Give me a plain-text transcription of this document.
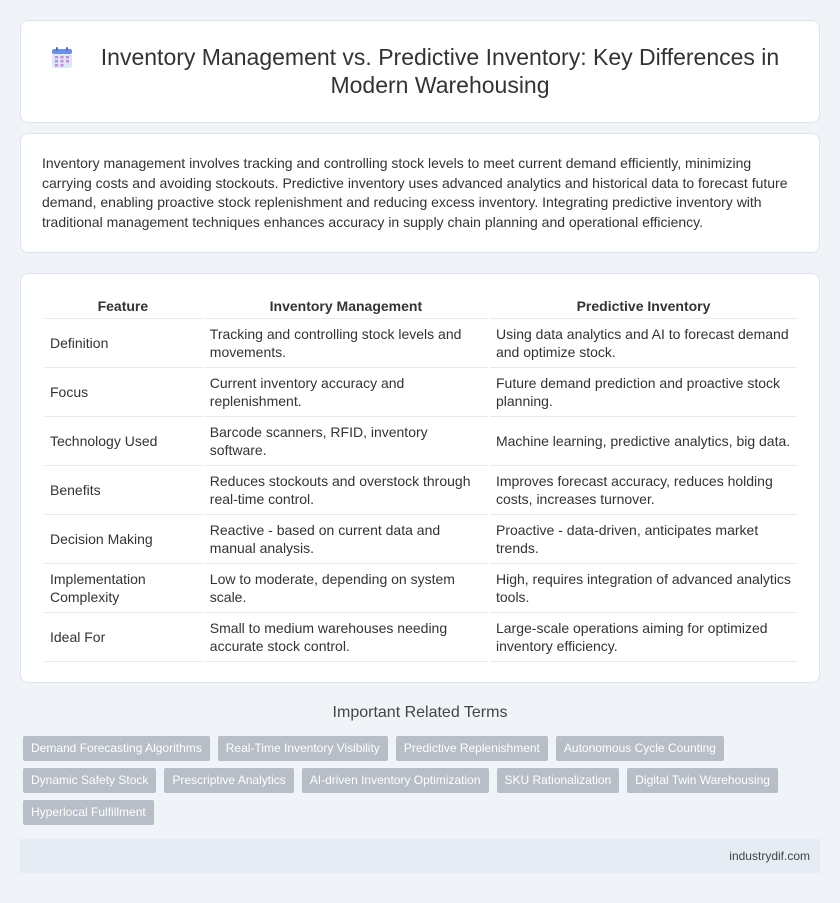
Inventory Management vs. Predictive Inventory: Key Differences in Modern Warehousing

Inventory management involves tracking and controlling stock levels to meet current demand efficiently, minimizing carrying costs and avoiding stockouts. Predictive inventory uses advanced analytics and historical data to forecast future demand, enabling proactive stock replenishment and reducing excess inventory. Integrating predictive inventory with traditional management techniques enhances accuracy in supply chain planning and operational efficiency.

Feature	Inventory Management	Predictive Inventory
Definition	Tracking and controlling stock levels and movements.	Using data analytics and AI to forecast demand and optimize stock.
Focus	Current inventory accuracy and replenishment.	Future demand prediction and proactive stock planning.
Technology Used	Barcode scanners, RFID, inventory software.	Machine learning, predictive analytics, big data.
Benefits	Reduces stockouts and overstock through real-time control.	Improves forecast accuracy, reduces holding costs, increases turnover.
Decision Making	Reactive - based on current data and manual analysis.	Proactive - data-driven, anticipates market trends.
Implementation Complexity	Low to moderate, depending on system scale.	High, requires integration of advanced analytics tools.
Ideal For	Small to medium warehouses needing accurate stock control.	Large-scale operations aiming for optimized inventory efficiency.
Important Related Terms
Demand Forecasting Algorithms	Real-Time Inventory Visibility	Predictive Replenishment	Autonomous Cycle Counting
Dynamic Safety Stock	Prescriptive Analytics	AI-driven Inventory Optimization	SKU Rationalization	Digital Twin Warehousing
Hyperlocal Fulfillment
industrydif.com
